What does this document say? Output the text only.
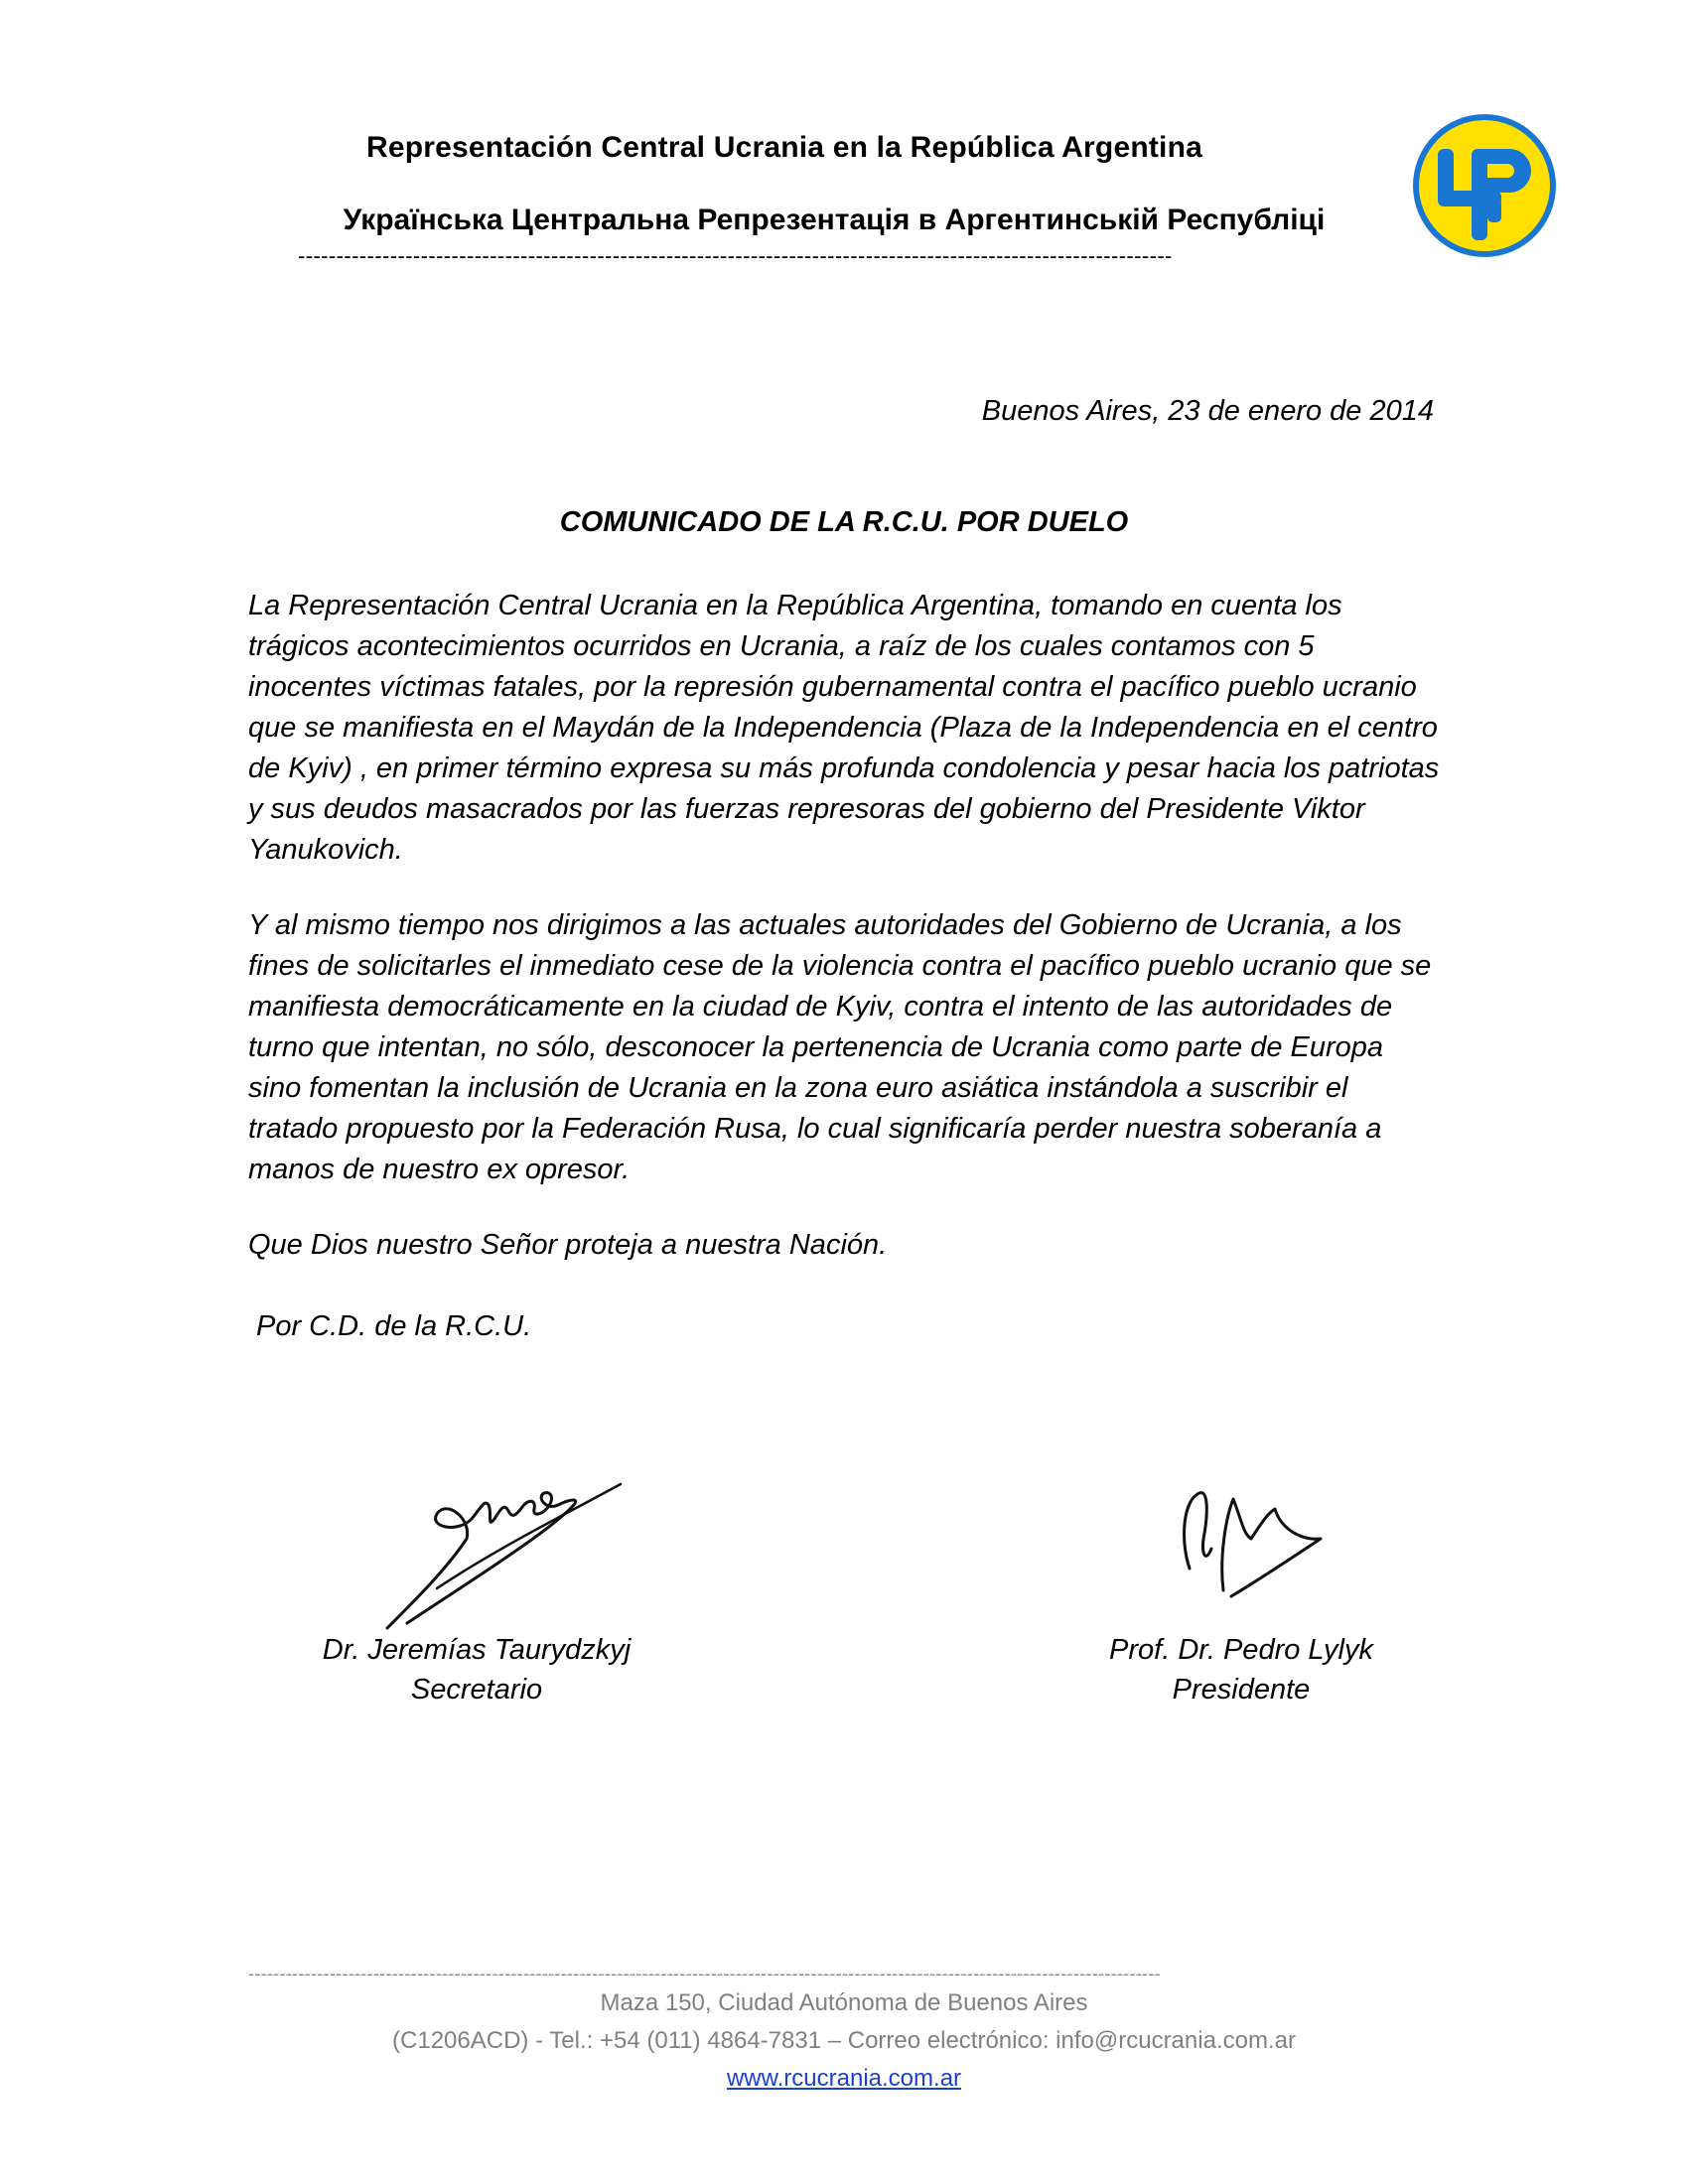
Representación Central Ucrania en la República Argentina
Українська Центральна Репрезентація в Аргентинській Республіці
------------------------------------------------------------------------------------------------------------------
Buenos Aires, 23 de enero de 2014
COMUNICADO DE LA R.C.U. POR DUELO

La Representación Central Ucrania en la República Argentina, tomando en cuenta los trágicos acontecimientos ocurridos en Ucrania, a raíz de los cuales contamos con 5 inocentes víctimas fatales, por la represión gubernamental contra el pacífico pueblo ucranio que se manifiesta en el Maydán de la Independencia (Plaza de la Independencia en el centro de Kyiv) , en primer término expresa su más profunda condolencia y pesar hacia los patriotas y sus deudos masacrados por las fuerzas represoras del gobierno del Presidente Viktor Yanukovich.

Y al mismo tiempo nos dirigimos a las actuales autoridades del Gobierno de Ucrania, a los fines de solicitarles el inmediato cese de la violencia contra el pacífico pueblo ucranio que se manifiesta democráticamente en la ciudad de Kyiv, contra el intento de las autoridades de turno que intentan, no sólo, desconocer la pertenencia de Ucrania como parte de Europa sino fomentan la inclusión de Ucrania en la zona euro asiática instándola a suscribir el tratado propuesto por la Federación Rusa, lo cual significaría perder nuestra soberanía a manos de nuestro ex opresor.

Que Dios nuestro Señor proteja a nuestra Nación.

Por C.D. de la R.C.U.

Dr. Jeremías Taurydzkyj
Secretario
Prof. Dr. Pedro Lylyk
Presidente
--------------------------------------------------------------------------------------------------------------------------------------------------
Maza 150, Ciudad Autónoma de Buenos Aires
(C1206ACD) - Tel.: +54 (011) 4864-7831 – Correo electrónico: info@rcucrania.com.ar
www.rcucrania.com.ar
